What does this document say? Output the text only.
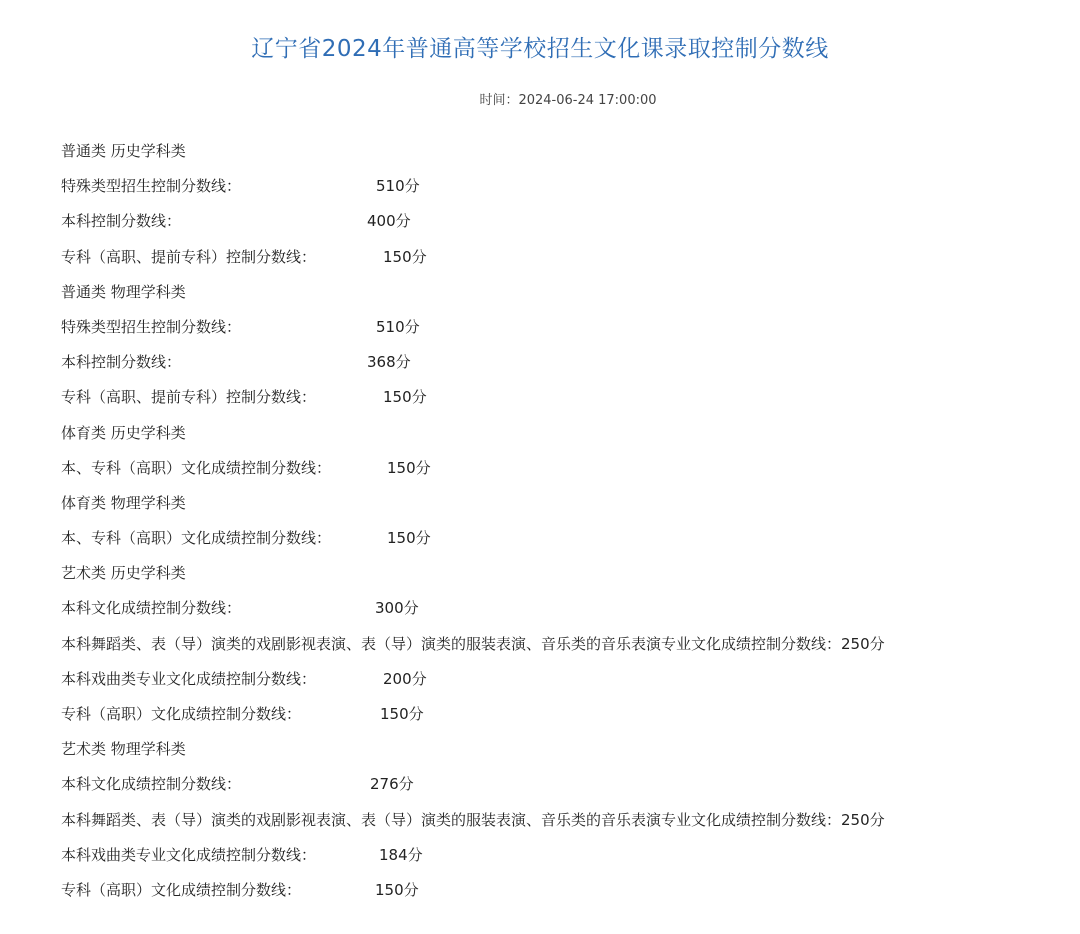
辽宁省2024年普通高等学校招生文化课录取控制分数线
时间：2024-06-24 17:00:00
普通类 历史学科类
特殊类型招生控制分数线：	510分
本科控制分数线：	400分
专科（高职、提前专科）控制分数线：	150分
普通类 物理学科类
特殊类型招生控制分数线：	510分
本科控制分数线：	368分
专科（高职、提前专科）控制分数线：	150分
体育类 历史学科类
本、专科（高职）文化成绩控制分数线：	150分
体育类 物理学科类
本、专科（高职）文化成绩控制分数线：	150分
艺术类 历史学科类
本科文化成绩控制分数线：	300分
本科舞蹈类、表（导）演类的戏剧影视表演、表（导）演类的服装表演、音乐类的音乐表演专业文化成绩控制分数线：250分
本科戏曲类专业文化成绩控制分数线：	200分
专科（高职）文化成绩控制分数线：	150分
艺术类 物理学科类
本科文化成绩控制分数线：	276分
本科舞蹈类、表（导）演类的戏剧影视表演、表（导）演类的服装表演、音乐类的音乐表演专业文化成绩控制分数线：250分
本科戏曲类专业文化成绩控制分数线：	184分
专科（高职）文化成绩控制分数线：	150分
